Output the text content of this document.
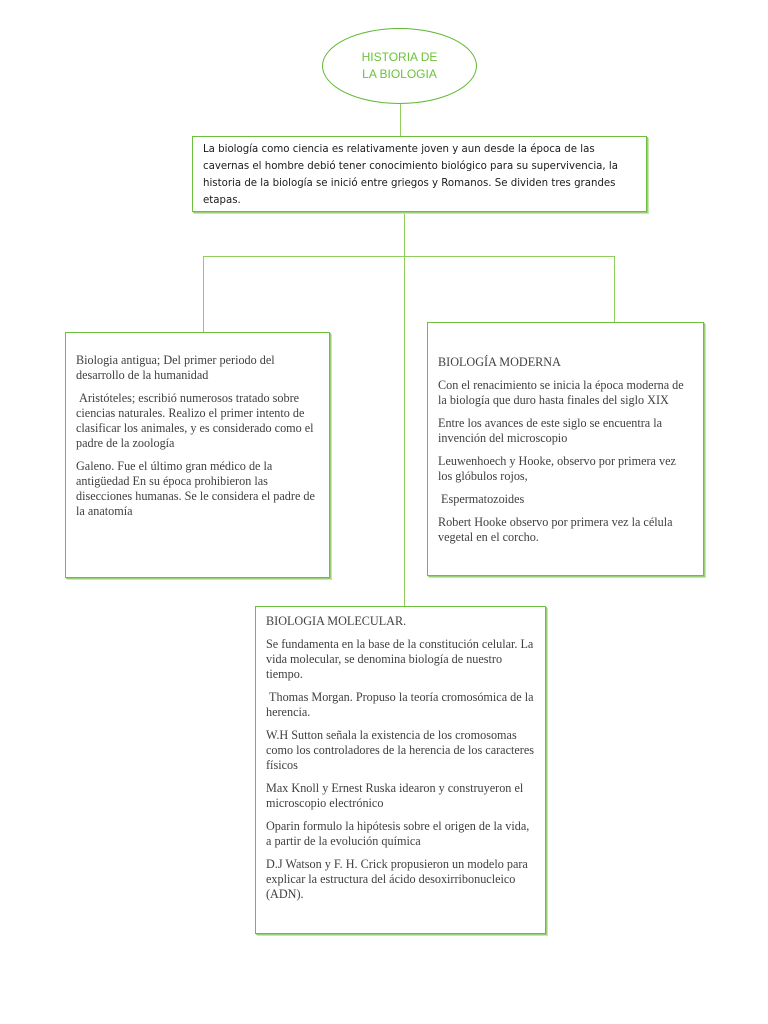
HISTORIA DE
LA BIOLOGIA
La biología como ciencia es relativamente joven y aun desde la época de las cavernas el hombre debió tener conocimiento biológico para su supervivencia, la historia de la biología se inició entre griegos y Romanos. Se dividen tres grandes etapas.

Biologia antigua; Del primer periodo del desarrollo de la humanidad

Aristóteles; escribió numerosos tratado sobre ciencias naturales. Realizo el primer intento de clasificar los animales, y es considerado como el padre de la zoología

Galeno. Fue el último gran médico de la antigüedad En su época prohibieron las disecciones humanas. Se le considera el padre de la anatomía

BIOLOGÍA MODERNA

Con el renacimiento se inicia la época moderna de la biología que duro hasta finales del siglo XIX

Entre los avances de este siglo se encuentra la invención del microscopio

Leuwenhoech y Hooke, observo por primera vez los glóbulos rojos,

Espermatozoides

Robert Hooke observo por primera vez la célula vegetal en el corcho.

BIOLOGIA MOLECULAR.

Se fundamenta en la base de la constitución celular. La vida molecular, se denomina biología de nuestro tiempo.

Thomas Morgan. Propuso la teoría cromosómica de la herencia.

W.H Sutton señala la existencia de los cromosomas como los controladores de la herencia de los caracteres físicos

Max Knoll y Ernest Ruska idearon y construyeron el microscopio electrónico

Oparin formulo la hipótesis sobre el origen de la vida, a partir de la evolución química

D.J Watson y F. H. Crick propusieron un modelo para explicar la estructura del ácido desoxirribonucleico (ADN).
